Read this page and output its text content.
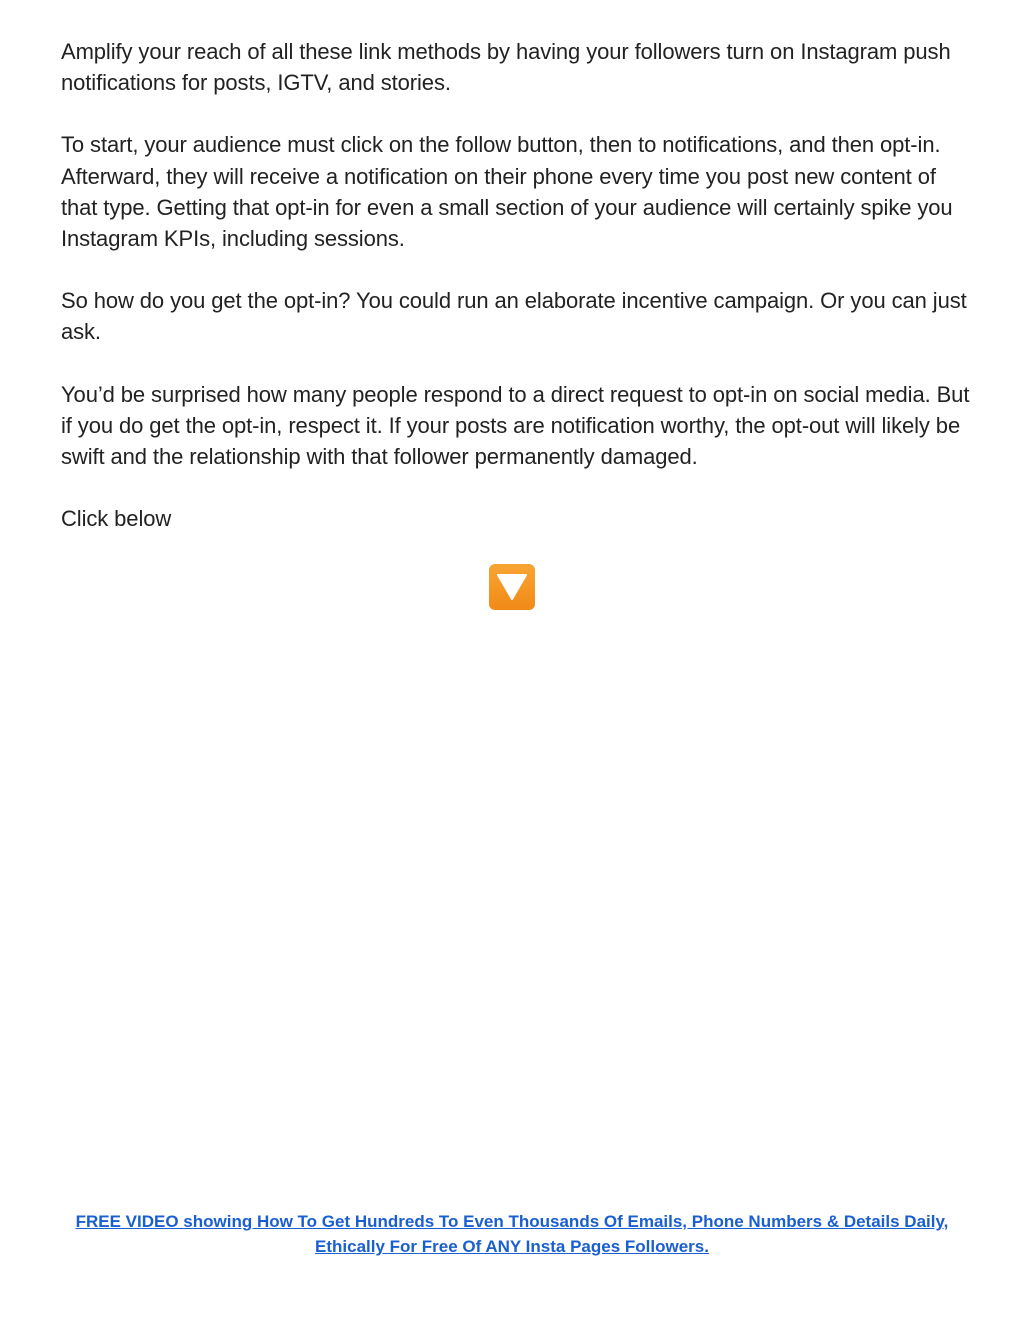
Amplify your reach of all these link methods by having your followers turn on Instagram push notifications for posts, IGTV, and stories.

To start, your audience must click on the follow button, then to notifications, and then opt-in. Afterward, they will receive a notification on their phone every time you post new content of that type. Getting that opt-in for even a small section of your audience will certainly spike you Instagram KPIs, including sessions.

So how do you get the opt-in? You could run an elaborate incentive campaign. Or you can just ask.

You’d be surprised how many people respond to a direct request to opt-in on social media. But if you do get the opt-in, respect it. If your posts are notification worthy, the opt-out will likely be swift and the relationship with that follower permanently damaged.

Click below

FREE VIDEO showing How To Get Hundreds To Even Thousands Of Emails, Phone Numbers & Details Daily, Ethically For Free Of ANY Insta Pages Followers.
